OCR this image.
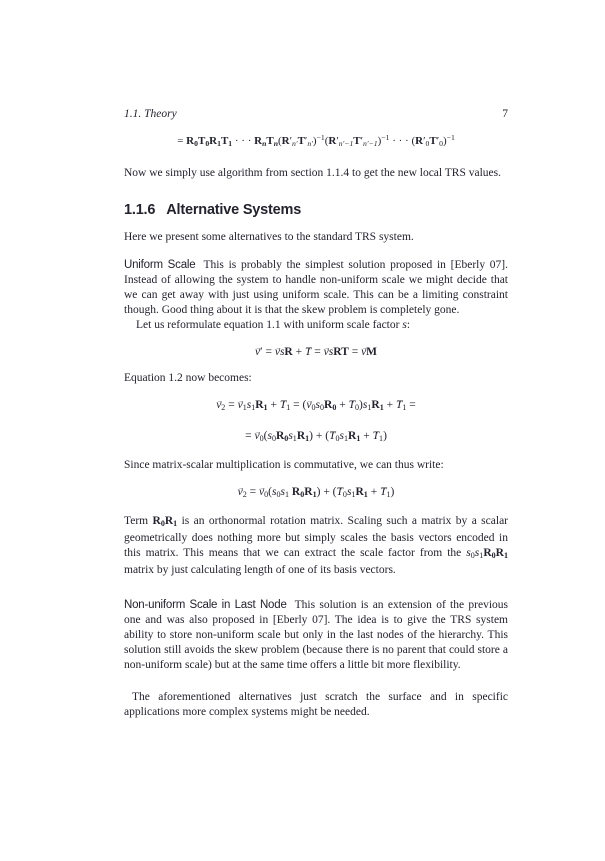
1.1. Theory	7
= R0T0R1T1 · · · $RnTn(R'n'T'n')^{-1}(R'n'-1T'n'-1)^{-1}$ · · · $(R'0T'0)^{-1}$

Now we simply use algorithm from section 1.1.4 to get the new local TRS values.

1.1.6 Alternative Systems

Here we present some alternatives to the standard TRS system.

Uniform Scale This is probably the simplest solution proposed in [Eberly 07]. Instead of allowing the system to handle non-uniform scale we might decide that we can get away with just using uniform scale. This can be a limiting constraint though. Good thing about it is that the skew problem is completely gone.

Let us reformulate equation 1.1 with uniform scale factor s:

v →′ = v →sR + T → = v →sRT = v →M

Equation 1.2 now becomes:

v →2 = v →1s1R1 + T →1 = (v →0s0R0 + T →0)s1R1 + T →1 =
= v →0(s0R0s1R1) + (T →0s1R1 + T →1)

Since matrix-scalar multiplication is commutative, we can thus write:

v →2 = v →0(s0s1 R0R1) + (T →0s1R1 + T →1)

Term R0R1 is an orthonormal rotation matrix. Scaling such a matrix by a scalar geometrically does nothing more but simply scales the basis vectors encoded in this matrix. This means that we can extract the scale factor from the s0s1R0R1 matrix by just calculating length of one of its basis vectors.

Non-uniform Scale in Last Node This solution is an extension of the previous one and was also proposed in [Eberly 07]. The idea is to give the TRS system ability to store non-uniform scale but only in the last nodes of the hierarchy. This solution still avoids the skew problem (because there is no parent that could store a non-uniform scale) but at the same time offers a little bit more flexibility.

The aforementioned alternatives just scratch the surface and in specific applications more complex systems might be needed.
